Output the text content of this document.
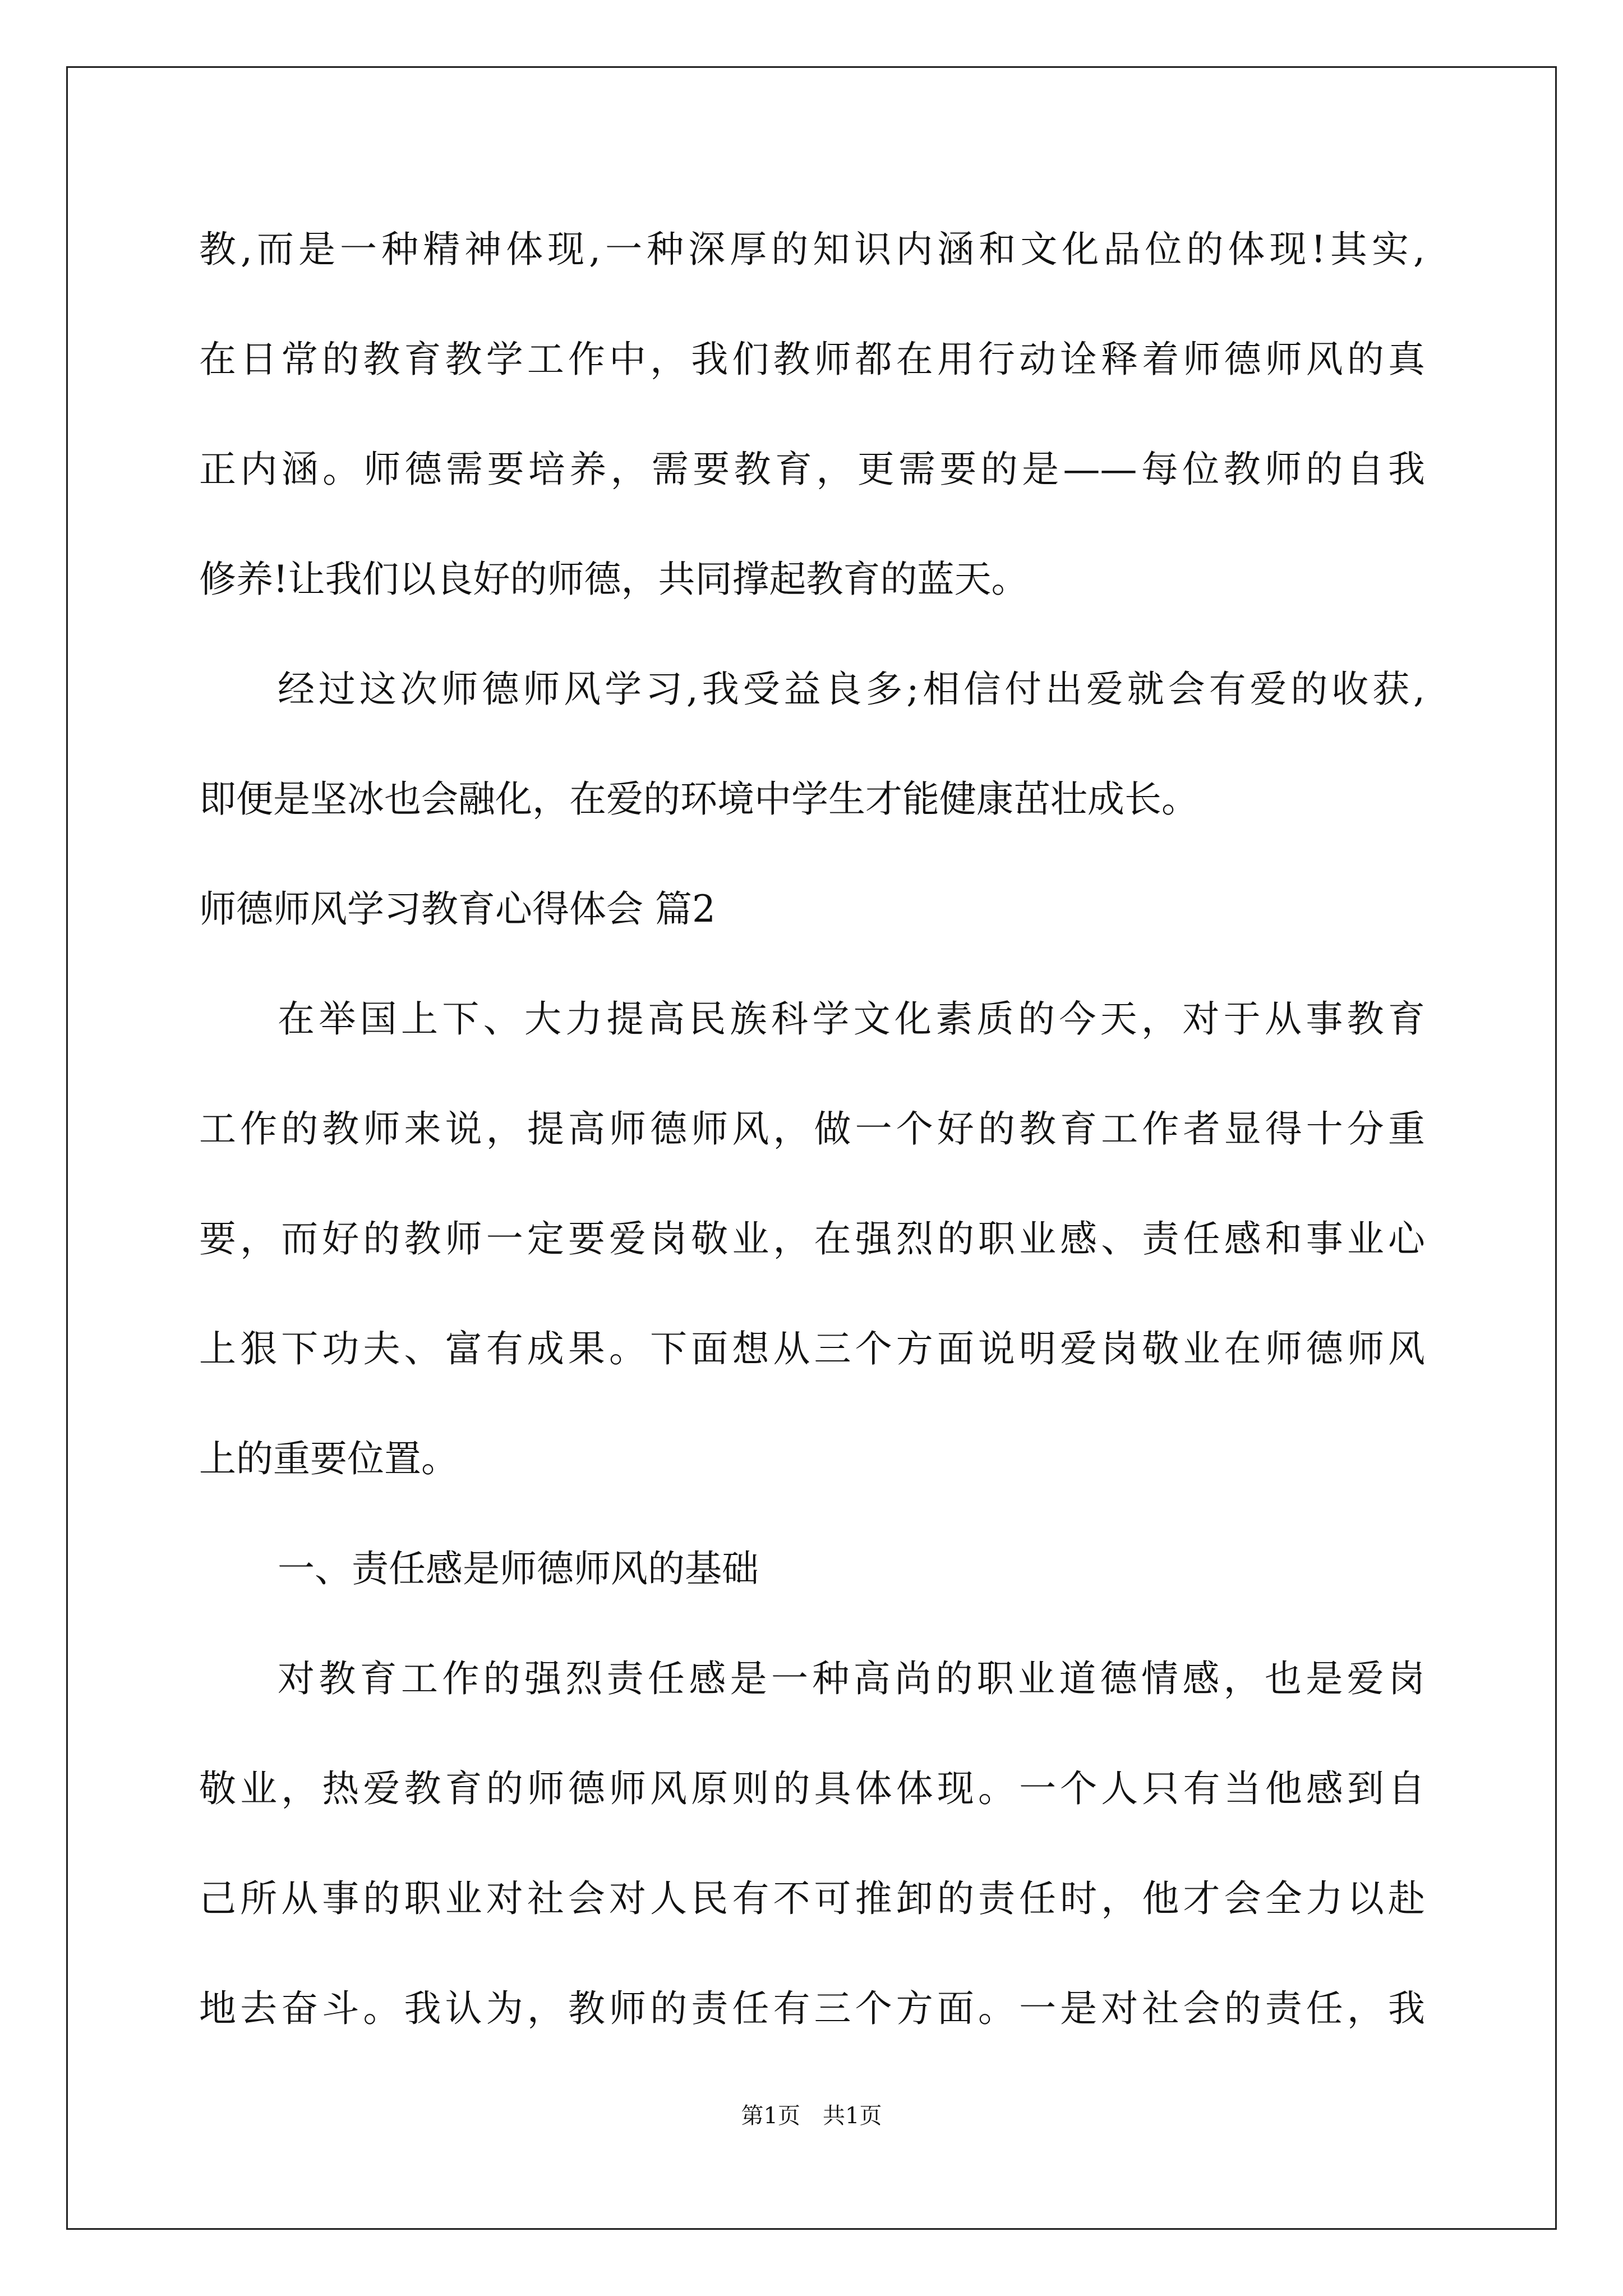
教,而是一种精神体现,一种深厚的知识内涵和文化品位的体现!其实,
在日常的教育教学工作中，我们教师都在用行动诠释着师德师风的真
正内涵。师德需要培养，需要教育，更需要的是——每位教师的自我
修养!让我们以良好的师德，共同撑起教育的蓝天。
经过这次师德师风学习,我受益良多;相信付出爱就会有爱的收获,
即便是坚冰也会融化，在爱的环境中学生才能健康茁壮成长。
师德师风学习教育心得体会 篇2
在举国上下、大力提高民族科学文化素质的今天，对于从事教育
工作的教师来说，提高师德师风，做一个好的教育工作者显得十分重
要，而好的教师一定要爱岗敬业，在强烈的职业感、责任感和事业心
上狠下功夫、富有成果。下面想从三个方面说明爱岗敬业在师德师风
上的重要位置。
一、责任感是师德师风的基础
对教育工作的强烈责任感是一种高尚的职业道德情感，也是爱岗
敬业，热爱教育的师德师风原则的具体体现。一个人只有当他感到自
己所从事的职业对社会对人民有不可推卸的责任时，他才会全力以赴
地去奋斗。我认为，教师的责任有三个方面。一是对社会的责任，我
第1页　共1页
